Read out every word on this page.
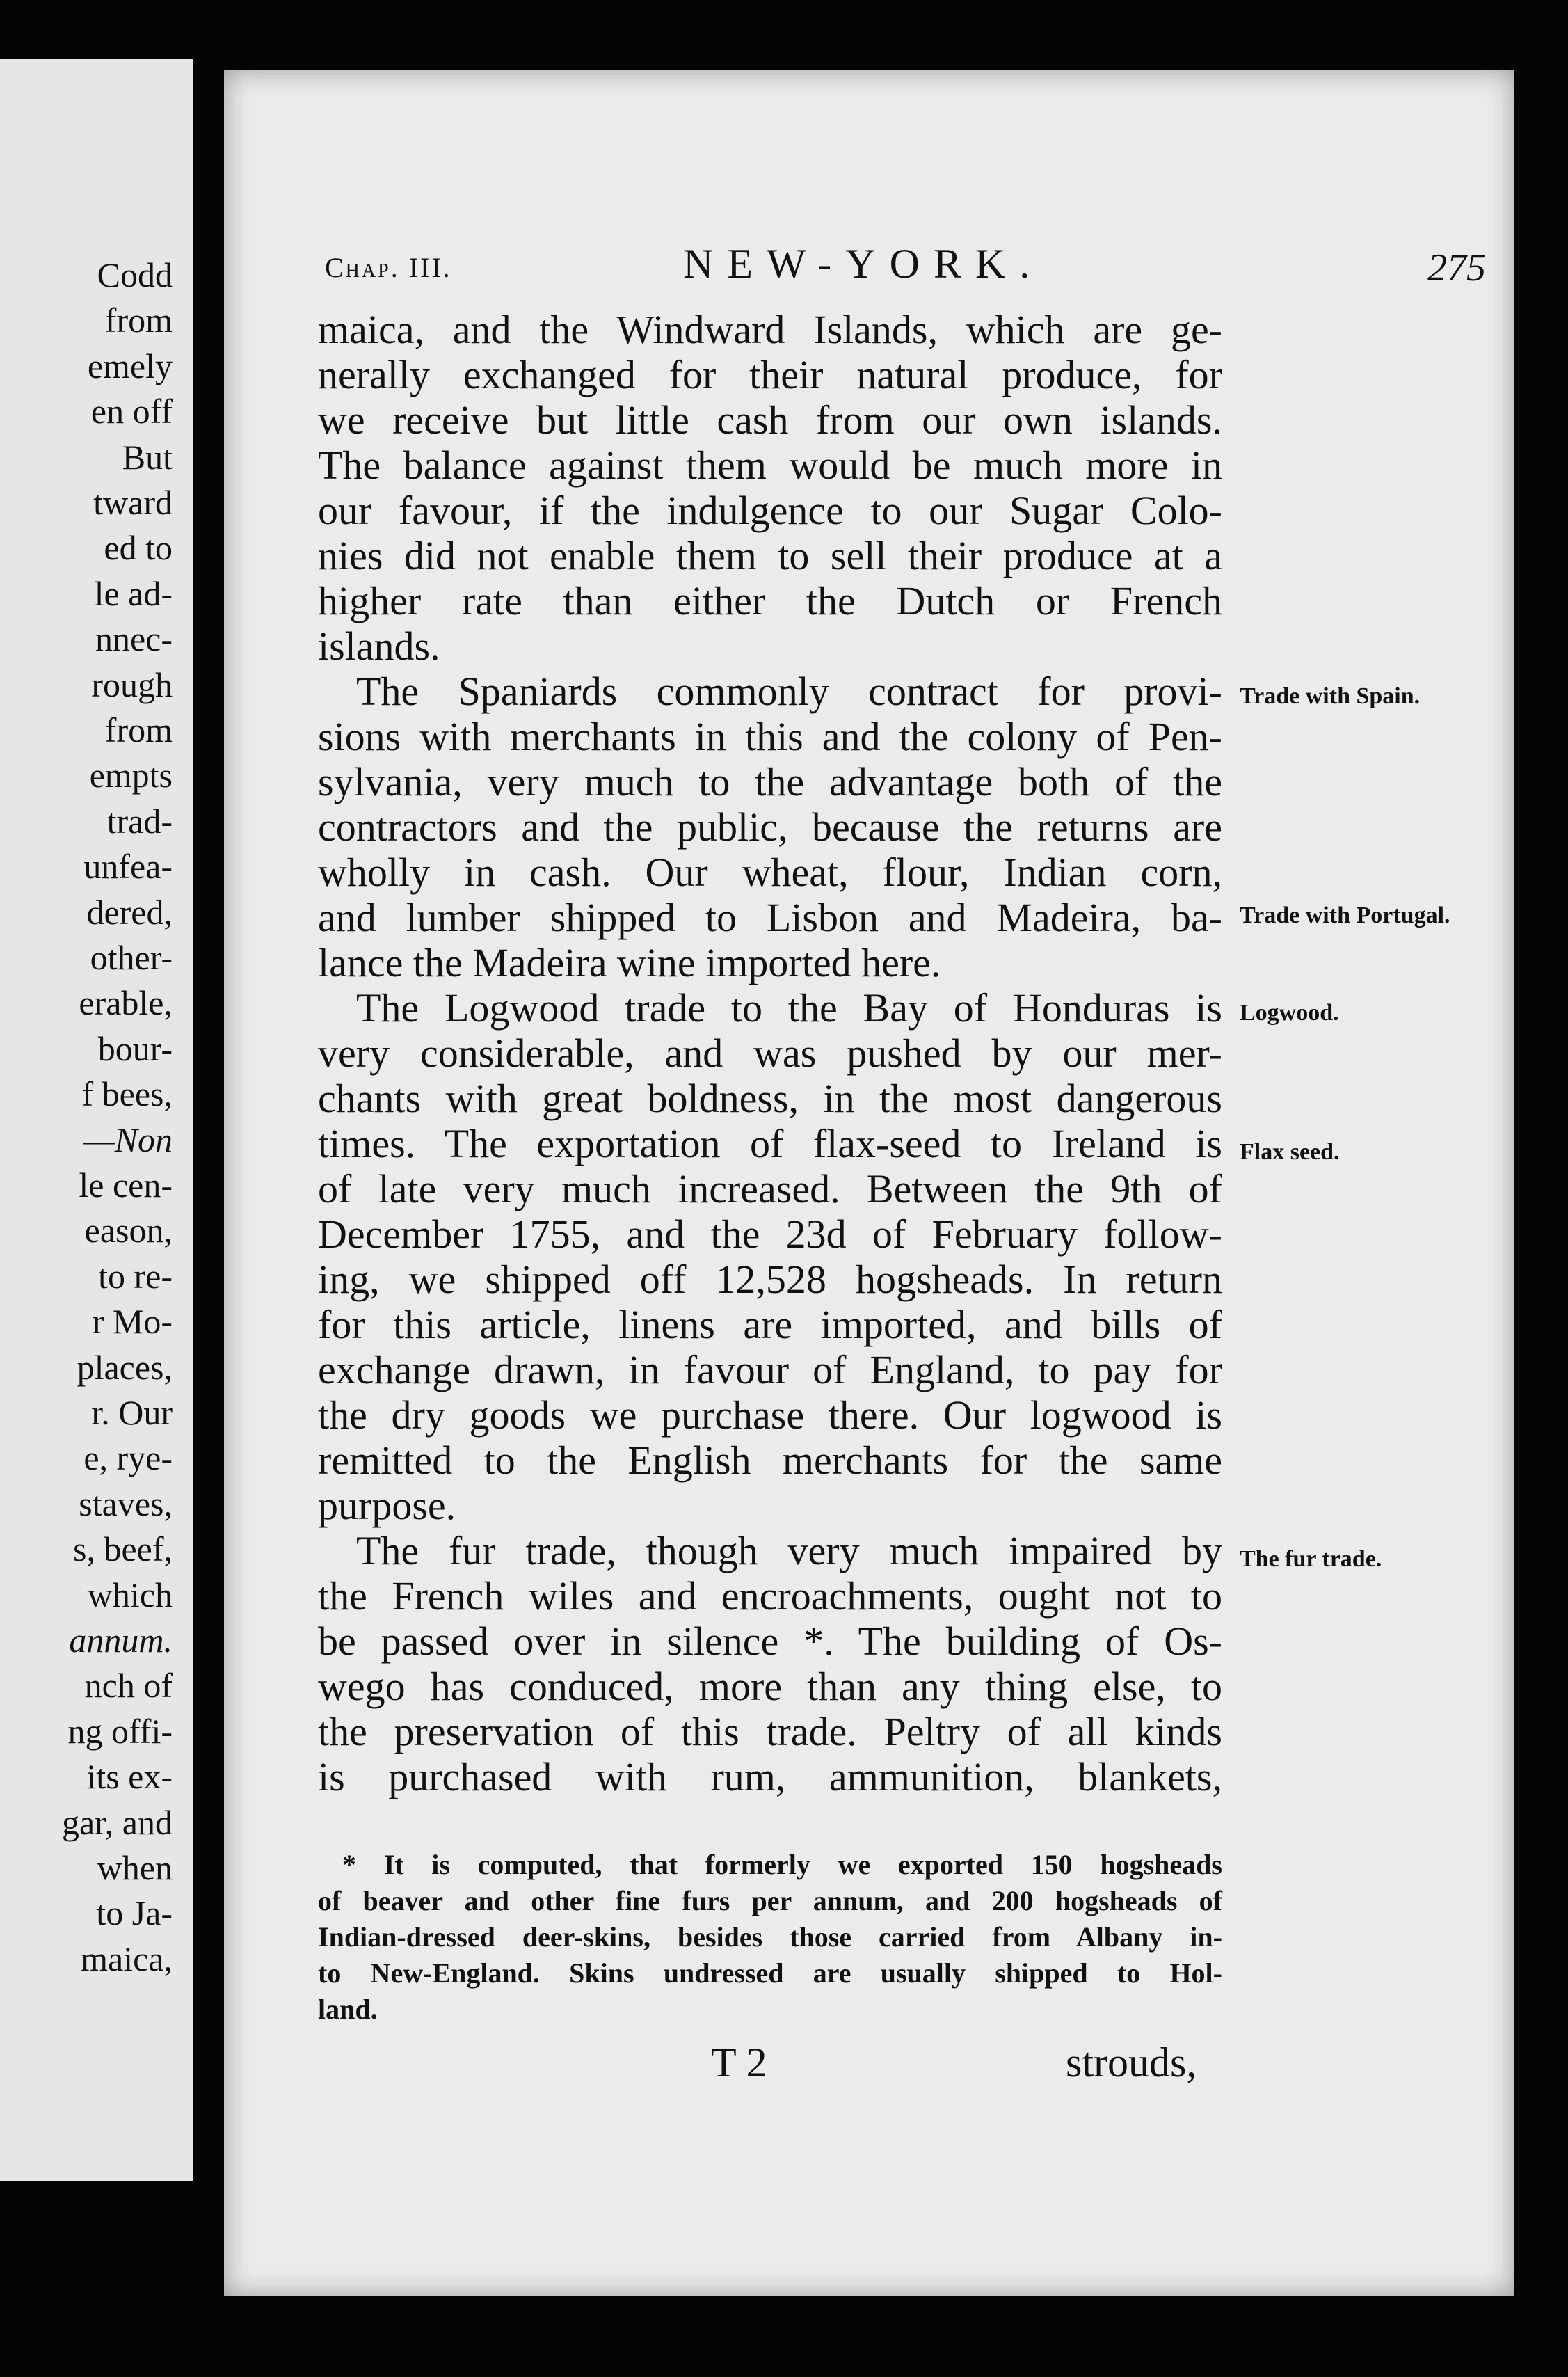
Codd
from
emely
en off
But
tward
ed to
le ad-
nnec-
rough
from
empts
trad-
unfea-
dered,
other-
erable,
bour-
f bees,
—Non
le cen-
eason,
to re-
r Mo-
places,
r. Our
e, rye-
staves,
s, beef,
which
annum.
nch of
ng offi-
its ex-
gar, and
when
to Ja-
maica,
Chap. III.	NEW-YORK.	275
maica, and the Windward Islands, which are ge-
nerally exchanged for their natural produce, for
we receive but little cash from our own islands.
The balance against them would be much more in
our favour, if the indulgence to our Sugar Colo-
nies did not enable them to sell their produce at a
higher rate than either the Dutch or French
islands.
The Spaniards commonly contract for provi-
sions with merchants in this and the colony of Pen-
sylvania, very much to the advantage both of the
contractors and the public, because the returns are
wholly in cash. Our wheat, flour, Indian corn,
and lumber shipped to Lisbon and Madeira, ba-
lance the Madeira wine imported here.
The Logwood trade to the Bay of Honduras is
very considerable, and was pushed by our mer-
chants with great boldness, in the most dangerous
times. The exportation of flax-seed to Ireland is
of late very much increased. Between the 9th of
December 1755, and the 23d of February follow-
ing, we shipped off 12,528 hogsheads. In return
for this article, linens are imported, and bills of
exchange drawn, in favour of England, to pay for
the dry goods we purchase there. Our logwood is
remitted to the English merchants for the same
purpose.
The fur trade, though very much impaired by
the French wiles and encroachments, ought not to
be passed over in silence *. The building of Os-
wego has conduced, more than any thing else, to
the preservation of this trade. Peltry of all kinds
is purchased with rum, ammunition, blankets,
Trade with Spain.
Trade with Portugal.
Logwood.
Flax seed.
The fur trade.
* It is computed, that formerly we exported 150 hogsheads
of beaver and other fine furs per annum, and 200 hogsheads of
Indian-dressed deer-skins, besides those carried from Albany in-
to New-England. Skins undressed are usually shipped to Hol-
land.
T 2	strouds,
